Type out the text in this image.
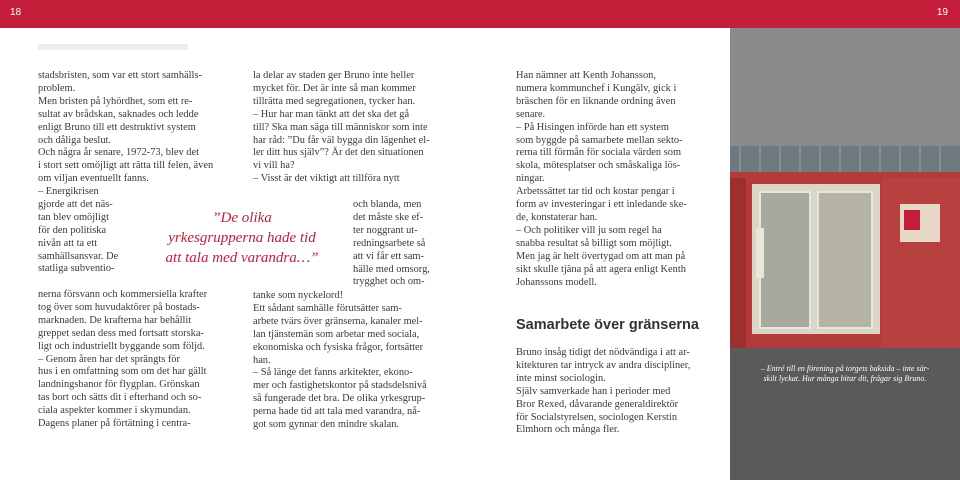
18	19
stadsbristen, som var ett stort samhälls-
problem.
Men bristen på lyhördhet, som ett re-
sultat av brådskan, saknades och ledde
enligt Bruno till ett destruktivt system
och dåliga beslut.
Och några år senare, 1972-73, blev det
i stort sett omöjligt att rätta till felen, även
om viljan eventuellt fanns.
– Energikrisen
gjorde att det näs-
tan blev omöjligt
för den politiska
nivån att ta ett
samhällsansvar. De
statliga subventio-
nerna försvann och kommersiella krafter
tog över som huvudaktörer på bostads-
marknaden. De krafterna har behållit
greppet sedan dess med fortsatt storska-
ligt och industriellt byggande som följd.
– Genom åren har det sprängts för
hus i en omfattning som om det har gällt
landningsbanor för flygplan. Grönskan
tas bort och sätts dit i efterhand och so-
ciala aspekter kommer i skymundan.
Dagens planer på förtätning i centra-
”De olika
yrkesgrupperna hade tid
att tala med varandra…”
la delar av staden ger Bruno inte heller
mycket för. Det är inte så man kommer
tillrätta med segregationen, tycker han.
– Hur har man tänkt att det ska det gå
till? Ska man säga till människor som inte
har råd: ”Du får väl bygga din lägenhet el-
ler ditt hus själv”? Är det den situationen
vi vill ha?
– Visst är det viktigt att tillföra nytt
och blanda, men
det måste ske ef-
ter noggrant ut-
redningsarbete så
att vi får ett sam-
hälle med omsorg,
trygghet och om-
tanke som nyckelord!
Ett sådant samhälle förutsätter sam-
arbete tvärs över gränserna, kanaler mel-
lan tjänstemän som arbetar med sociala,
ekonomiska och fysiska frågor, fortsätter
han.
– Så länge det fanns arkitekter, ekono-
mer och fastighetskontor på stadsdelsnivå
så fungerade det bra. De olika yrkesgrup-
perna hade tid att tala med varandra, nå-
got som gynnar den mindre skalan.
Han nämner att Kenth Johansson,
numera kommunchef i Kungälv, gick i
bräschen för en liknande ordning även
senare.
– På Hisingen införde han ett system
som byggde på samarbete mellan sekto-
rerna till förmån för sociala värden som
skola, mötesplatser och småskaliga lös-
ningar.
Arbetssättet tar tid och kostar pengar i
form av investeringar i ett inledande ske-
de, konstaterar han.
– Och politiker vill ju som regel ha
snabba resultat så billigt som möjligt.
Men jag är helt övertygad om att man på
sikt skulle tjäna på att agera enligt Kenth
Johanssons modell.
Samarbete över gränserna
Bruno insåg tidigt det nödvändiga i att ar-
kitekturen tar intryck av andra discipliner,
inte minst sociologin.
Själv samverkade han i perioder med
Bror Rexed, dåvarande generaldirektör
för Socialstyrelsen, sociologen Kerstin
Elmhorn och många fler.
– Entré till en förening på torgets baksida – inte sär-
skilt lyckat. Hur många bitar dit, frågar sig Bruno.
